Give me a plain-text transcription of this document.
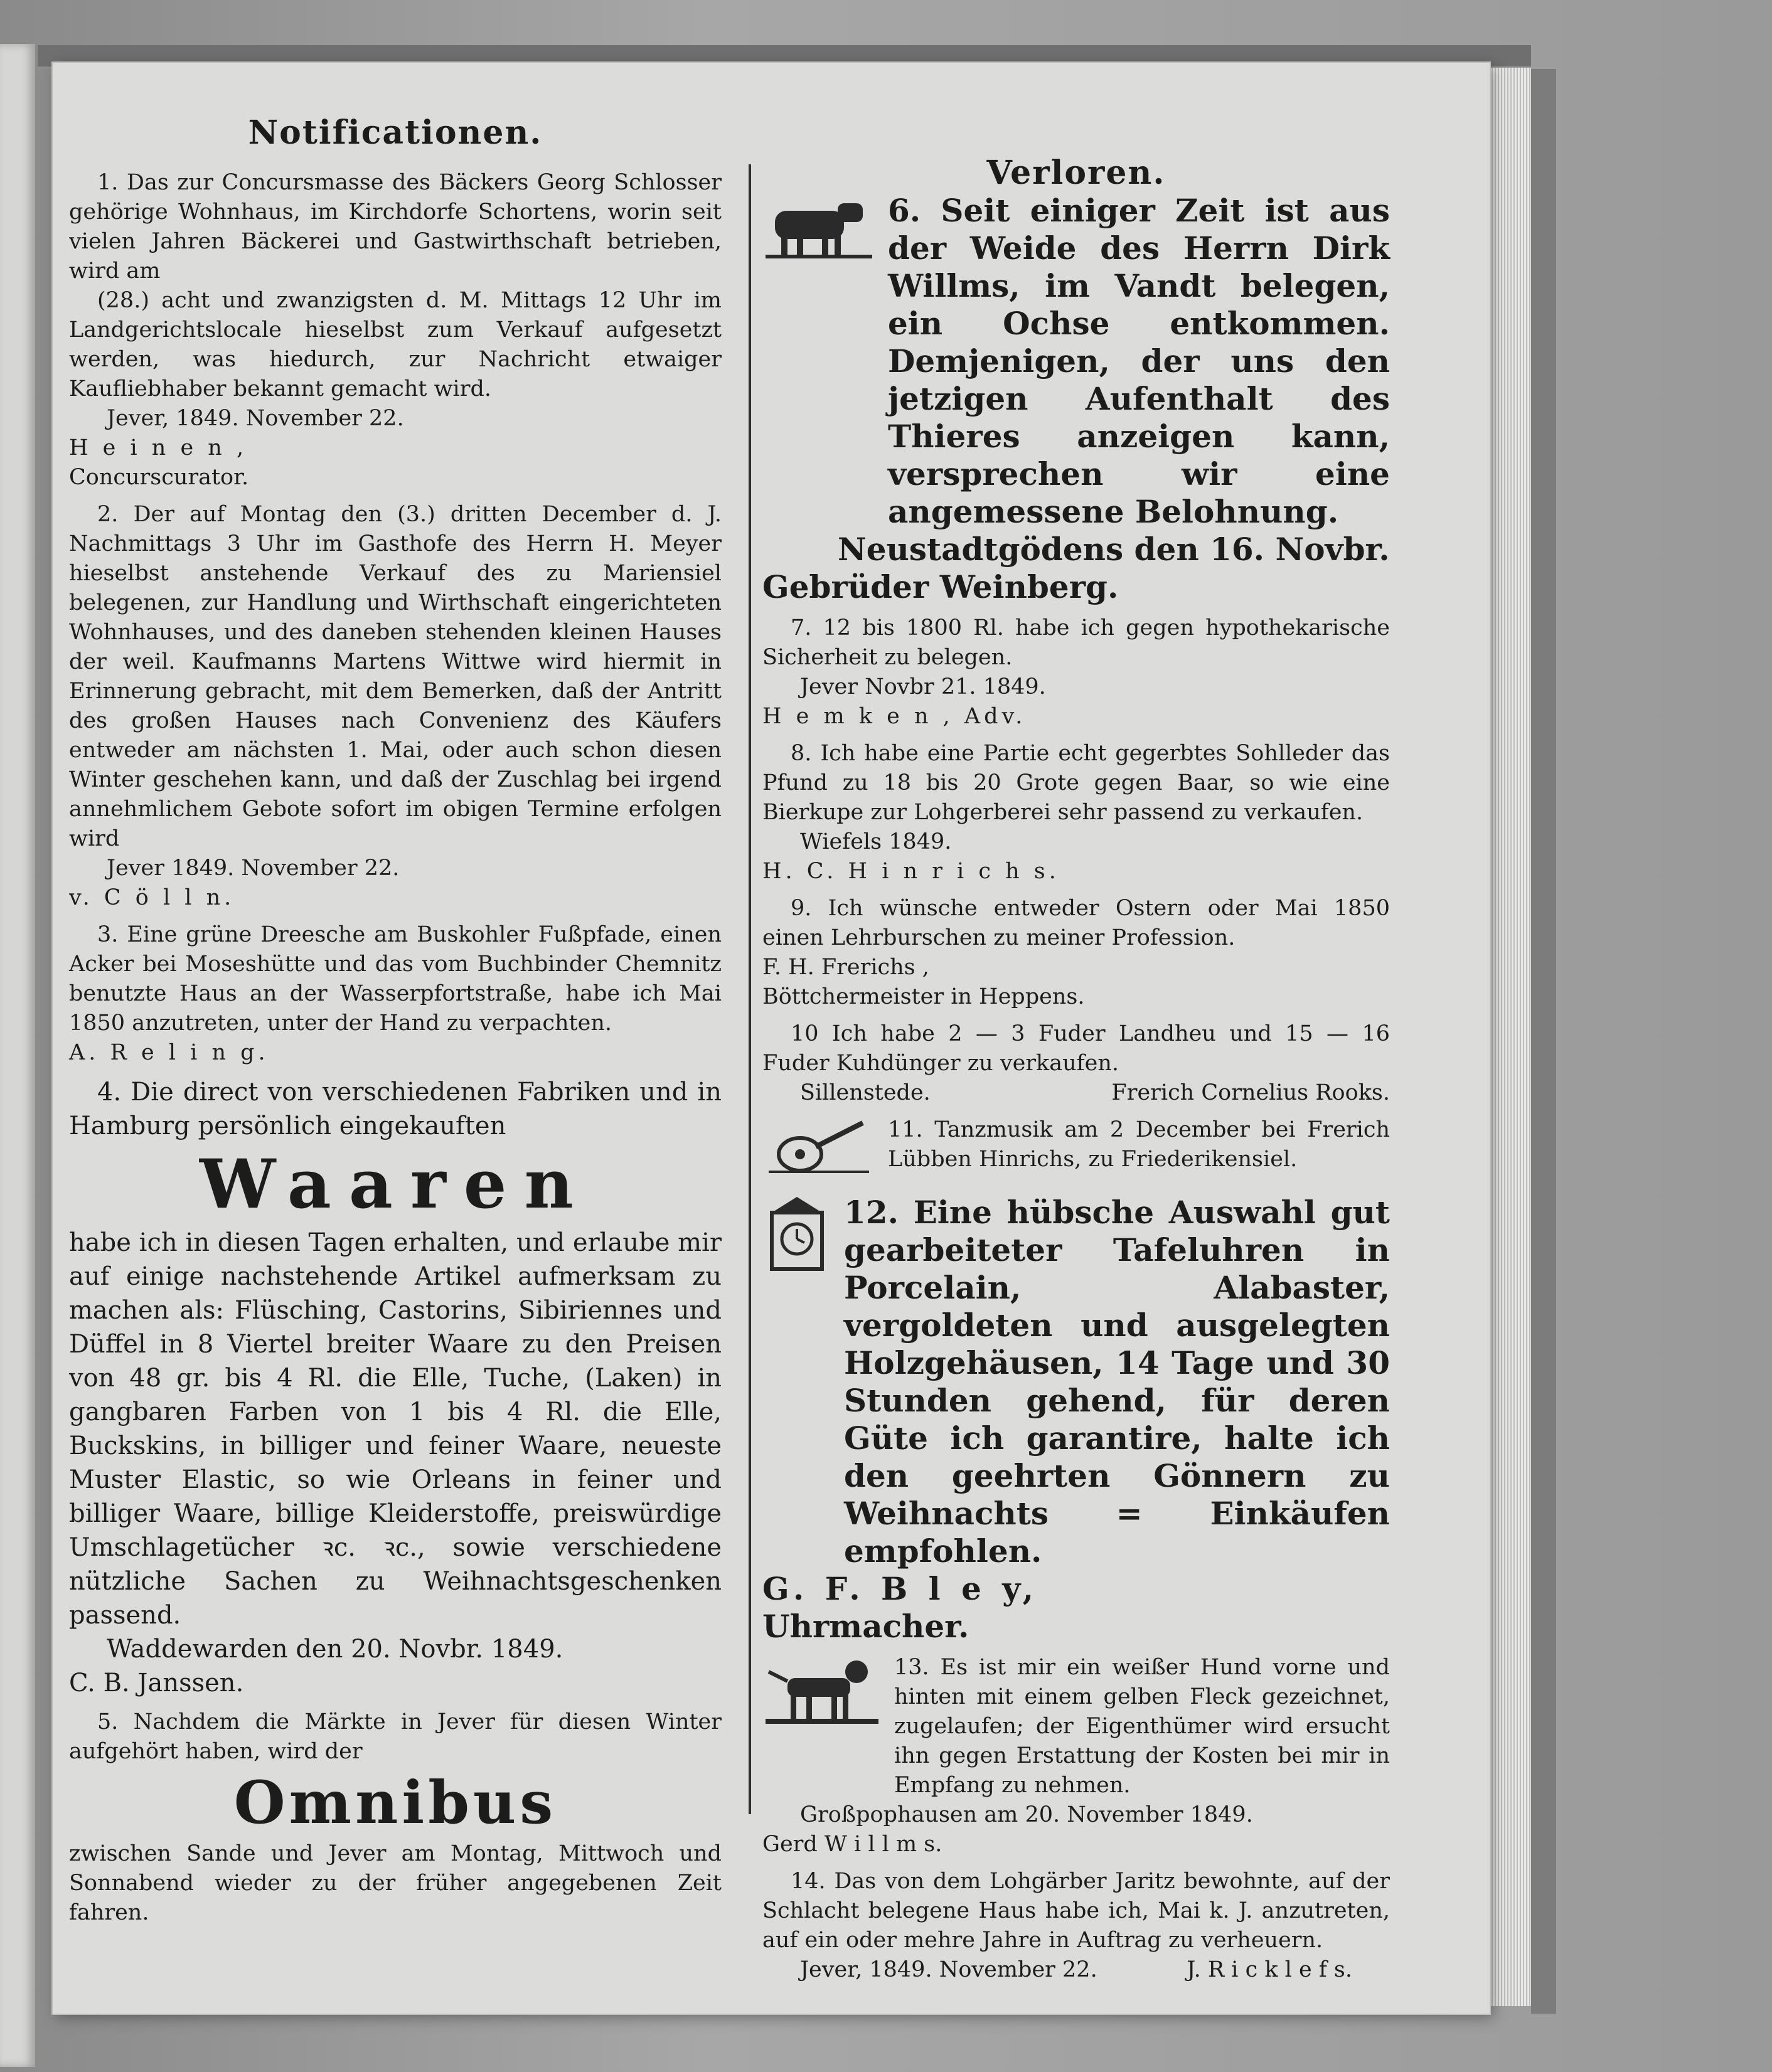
Notificationen.

1. Das zur Concursmasse des Bäckers Georg Schlosser gehörige Wohnhaus, im Kirchdorfe Schortens, worin seit vielen Jahren Bäckerei und Gastwirthschaft betrieben, wird am

(28.) acht und zwanzigsten d. M. Mittags 12 Uhr im Landgerichtslocale hieselbst zum Verkauf aufgesetzt werden, was hiedurch, zur Nachricht etwaiger Kaufliebhaber bekannt gemacht wird.

Jever, 1849. November 22.

H e i n e n ,

Concurscurator.

2. Der auf Montag den (3.) dritten December d. J. Nachmittags 3 Uhr im Gasthofe des Herrn H. Meyer hieselbst anstehende Verkauf des zu Mariensiel belegenen, zur Handlung und Wirthschaft eingerichteten Wohnhauses, und des daneben stehenden kleinen Hauses der weil. Kaufmanns Martens Wittwe wird hiermit in Erinnerung gebracht, mit dem Bemerken, daß der Antritt des großen Hauses nach Convenienz des Käufers entweder am nächsten 1. Mai, oder auch schon diesen Winter geschehen kann, und daß der Zuschlag bei irgend annehmlichem Gebote sofort im obigen Termine erfolgen wird

Jever 1849. November 22.

v. C ö l l n.

3. Eine grüne Dreesche am Buskohler Fußpfade, einen Acker bei Moseshütte und das vom Buchbinder Chemnitz benutzte Haus an der Wasserpfortstraße, habe ich Mai 1850 anzutreten, unter der Hand zu verpachten.

A. R e l i n g.

4. Die direct von verschiedenen Fabriken und in Hamburg persönlich eingekauften

Waaren

habe ich in diesen Tagen erhalten, und erlaube mir auf einige nachstehende Artikel aufmerksam zu machen als: Flüsching, Castorins, Sibiriennes und Düffel in 8 Viertel breiter Waare zu den Preisen von 48 gr. bis 4 Rl. die Elle, Tuche, (Laken) in gangbaren Farben von 1 bis 4 Rl. die Elle, Buckskins, in billiger und feiner Waare, neueste Muster Elastic, so wie Orleans in feiner und billiger Waare, billige Kleiderstoffe, preiswürdige Umschlagetücher ꝛc. ꝛc., sowie verschiedene nützliche Sachen zu Weihnachtsgeschenken passend.

Waddewarden den 20. Novbr. 1849.

C. B. Janssen.

5. Nachdem die Märkte in Jever für diesen Winter aufgehört haben, wird der

Omnibus

zwischen Sande und Jever am Montag, Mittwoch und Sonnabend wieder zu der früher angegebenen Zeit fahren.

Verloren.

6. Seit einiger Zeit ist aus der Weide des Herrn Dirk Willms, im Vandt belegen, ein Ochse entkommen. Demjenigen, der uns den jetzigen Aufenthalt des Thieres anzeigen kann, versprechen wir eine angemessene Belohnung.

Neustadtgödens den 16. Novbr.

Gebrüder Weinberg.

7. 12 bis 1800 Rl. habe ich gegen hypothekarische Sicherheit zu belegen.

Jever Novbr 21. 1849.

H e m k e n , Adv.

8. Ich habe eine Partie echt gegerbtes Sohlleder das Pfund zu 18 bis 20 Grote gegen Baar, so wie eine Bierkupe zur Lohgerberei sehr passend zu verkaufen.

Wiefels 1849.

H. C. H i n r i c h s.

9. Ich wünsche entweder Ostern oder Mai 1850 einen Lehrburschen zu meiner Profession.

F. H. Frerichs ,

Böttchermeister in Heppens.

10 Ich habe 2 — 3 Fuder Landheu und 15 — 16 Fuder Kuhdünger zu verkaufen.

Sillenstede.	Frerich Cornelius Rooks.

11. Tanzmusik am 2 December bei Frerich Lübben Hinrichs, zu Friederikensiel.

12. Eine hübsche Auswahl gut gearbeiteter Tafeluhren in Porcelain, Alabaster, vergoldeten und ausgelegten Holzgehäusen, 14 Tage und 30 Stunden gehend, für deren Güte ich garantire, halte ich den geehrten Gönnern zu Weihnachts = Einkäufen empfohlen.

G. F. B l e y,

Uhrmacher.

13. Es ist mir ein weißer Hund vorne und hinten mit einem gelben Fleck gezeichnet, zugelaufen; der Eigenthümer wird ersucht ihn gegen Erstattung der Kosten bei mir in Empfang zu nehmen.

Großpophausen am 20. November 1849.

Gerd W i l l m s.

14. Das von dem Lohgärber Jaritz bewohnte, auf der Schlacht belegene Haus habe ich, Mai k. J. anzutreten, auf ein oder mehre Jahre in Auftrag zu verheuern.

Jever, 1849. November 22.	J. R i c k l e f s.
